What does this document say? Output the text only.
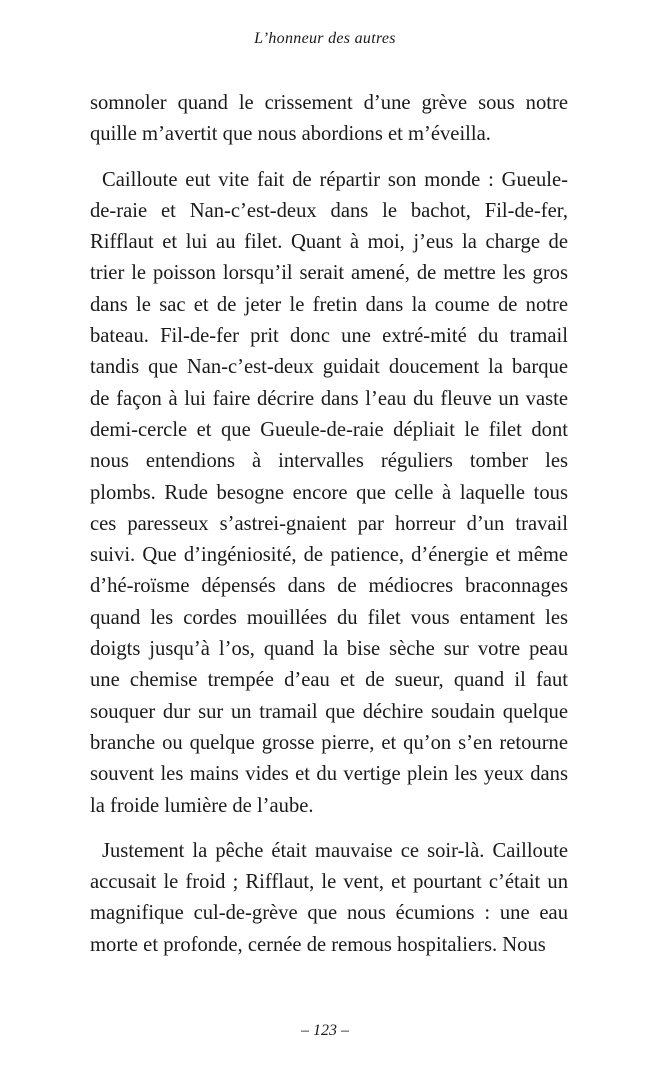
L’honneur des autres

somnoler quand le crissement d’une grève sous notre quille m’avertit que nous abordions et m’éveilla.

Cailloute eut vite fait de répartir son monde : Gueule-de-raie et Nan-c’est-deux dans le bachot, Fil-de-fer, Rifflaut et lui au filet. Quant à moi, j’eus la charge de trier le poisson lorsqu’il serait amené, de mettre les gros dans le sac et de jeter le fretin dans la coume de notre bateau. Fil-de-fer prit donc une extré-mité du tramail tandis que Nan-c’est-deux guidait doucement la barque de façon à lui faire décrire dans l’eau du fleuve un vaste demi-cercle et que Gueule-de-raie dépliait le filet dont nous entendions à intervalles réguliers tomber les plombs. Rude besogne encore que celle à laquelle tous ces paresseux s’astrei-gnaient par horreur d’un travail suivi. Que d’ingéniosité, de patience, d’énergie et même d’hé-roïsme dépensés dans de médiocres braconnages quand les cordes mouillées du filet vous entament les doigts jusqu’à l’os, quand la bise sèche sur votre peau une chemise trempée d’eau et de sueur, quand il faut souquer dur sur un tramail que déchire soudain quelque branche ou quelque grosse pierre, et qu’on s’en retourne souvent les mains vides et du vertige plein les yeux dans la froide lumière de l’aube.

Justement la pêche était mauvaise ce soir-là. Cailloute accusait le froid ; Rifflaut, le vent, et pourtant c’était un magnifique cul-de-grève que nous écumions : une eau morte et profonde, cernée de remous hospitaliers. Nous

– 123 –
